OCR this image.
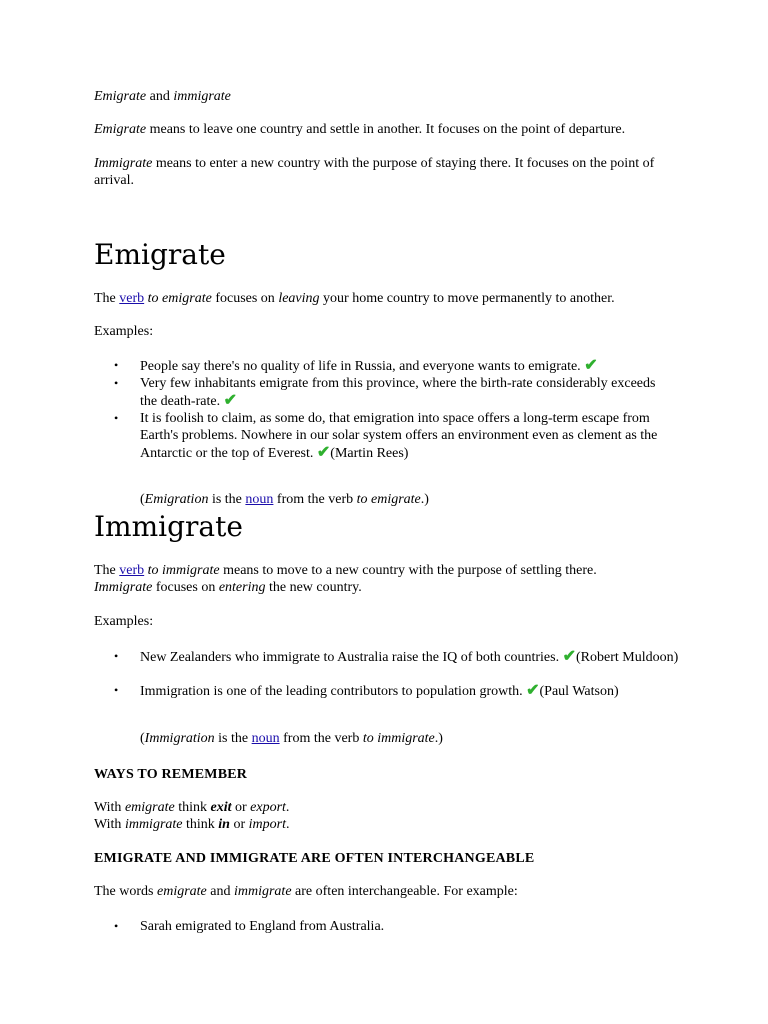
Emigrate and immigrate

Emigrate means to leave one country and settle in another. It focuses on the point of departure.

Immigrate means to enter a new country with the purpose of staying there. It focuses on the point of arrival.

Emigrate

The verb to emigrate focuses on leaving your home country to move permanently to another.

Examples:

•	People say there's no quality of life in Russia, and everyone wants to emigrate. ✔
•	Very few inhabitants emigrate from this province, where the birth-rate considerably exceeds the death-rate. ✔
•	It is foolish to claim, as some do, that emigration into space offers a long-term escape from Earth's problems. Nowhere in our solar system offers an environment even as clement as the Antarctic or the top of Everest. ✔(Martin Rees)

(Emigration is the noun from the verb to emigrate.)

Immigrate

The verb to immigrate means to move to a new country with the purpose of settling there.
Immigrate focuses on entering the new country.

Examples:

•	New Zealanders who immigrate to Australia raise the IQ of both countries. ✔(Robert Muldoon)
•	Immigration is one of the leading contributors to population growth. ✔(Paul Watson)

(Immigration is the noun from the verb to immigrate.)

WAYS TO REMEMBER

With emigrate think exit or export.

With immigrate think in or import.

EMIGRATE AND IMMIGRATE ARE OFTEN INTERCHANGEABLE

The words emigrate and immigrate are often interchangeable. For example:

•	Sarah emigrated to England from Australia.
